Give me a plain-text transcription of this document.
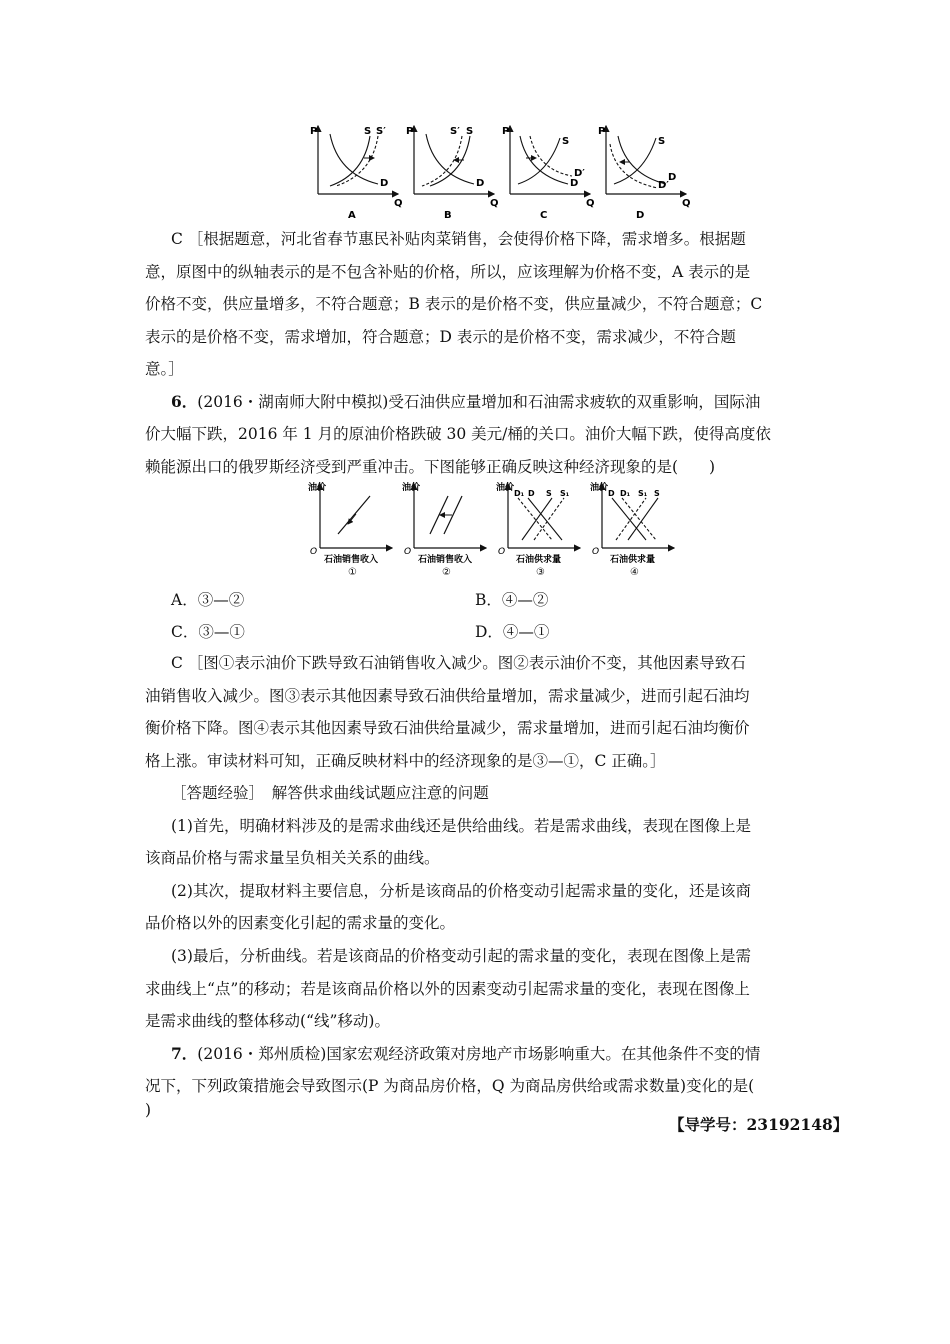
P
Q
S S′
D
A
P
Q
S′ S
D
B
P
Q
S
D
D′
C
P
Q
S
D
D′
D
C ［根据题意，河北省春节惠民补贴肉菜销售，会使得价格下降，需求增多。根据题
意，原图中的纵轴表示的是不包含补贴的价格，所以，应该理解为价格不变，A 表示的是
价格不变，供应量增多，不符合题意；B 表示的是价格不变，供应量减少，不符合题意；C
表示的是价格不变，需求增加，符合题意；D 表示的是价格不变，需求减少，不符合题
意。］
6．(2016・湖南师大附中模拟)受石油供应量增加和石油需求疲软的双重影响，国际油
价大幅下跌，2016 年 1 月的原油价格跌破 30 美元/桶的关口。油价大幅下跌，使得高度依
赖能源出口的俄罗斯经济受到严重冲击。下图能够正确反映这种经济现象的是(　　)
油价
O
石油销售收入
①
油价
O
石油销售收入
②
油价
O
D₁ D S S₁
石油供求量
③
油价
O
D D₁ S₁ S
石油供求量
④
A．③—②	B．④—②
C．③—①	D．④—①
C ［图①表示油价下跌导致石油销售收入减少。图②表示油价不变，其他因素导致石
油销售收入减少。图③表示其他因素导致石油供给量增加，需求量减少，进而引起石油均
衡价格下降。图④表示其他因素导致石油供给量减少，需求量增加，进而引起石油均衡价
格上涨。审读材料可知，正确反映材料中的经济现象的是③—①，C 正确。］
［答题经验］　解答供求曲线试题应注意的问题
(1)首先，明确材料涉及的是需求曲线还是供给曲线。若是需求曲线，表现在图像上是
该商品价格与需求量呈负相关关系的曲线。
(2)其次，提取材料主要信息，分析是该商品的价格变动引起需求量的变化，还是该商
品价格以外的因素变化引起的需求量的变化。
(3)最后，分析曲线。若是该商品的价格变动引起的需求量的变化，表现在图像上是需
求曲线上“点”的移动；若是该商品价格以外的因素变动引起需求量的变化，表现在图像上
是需求曲线的整体移动(“线”移动)。
7．(2016・郑州质检)国家宏观经济政策对房地产市场影响重大。在其他条件不变的情
况下，下列政策措施会导致图示(P 为商品房价格，Q 为商品房供给或需求数量)变化的是(
)
【导学号：23192148】
